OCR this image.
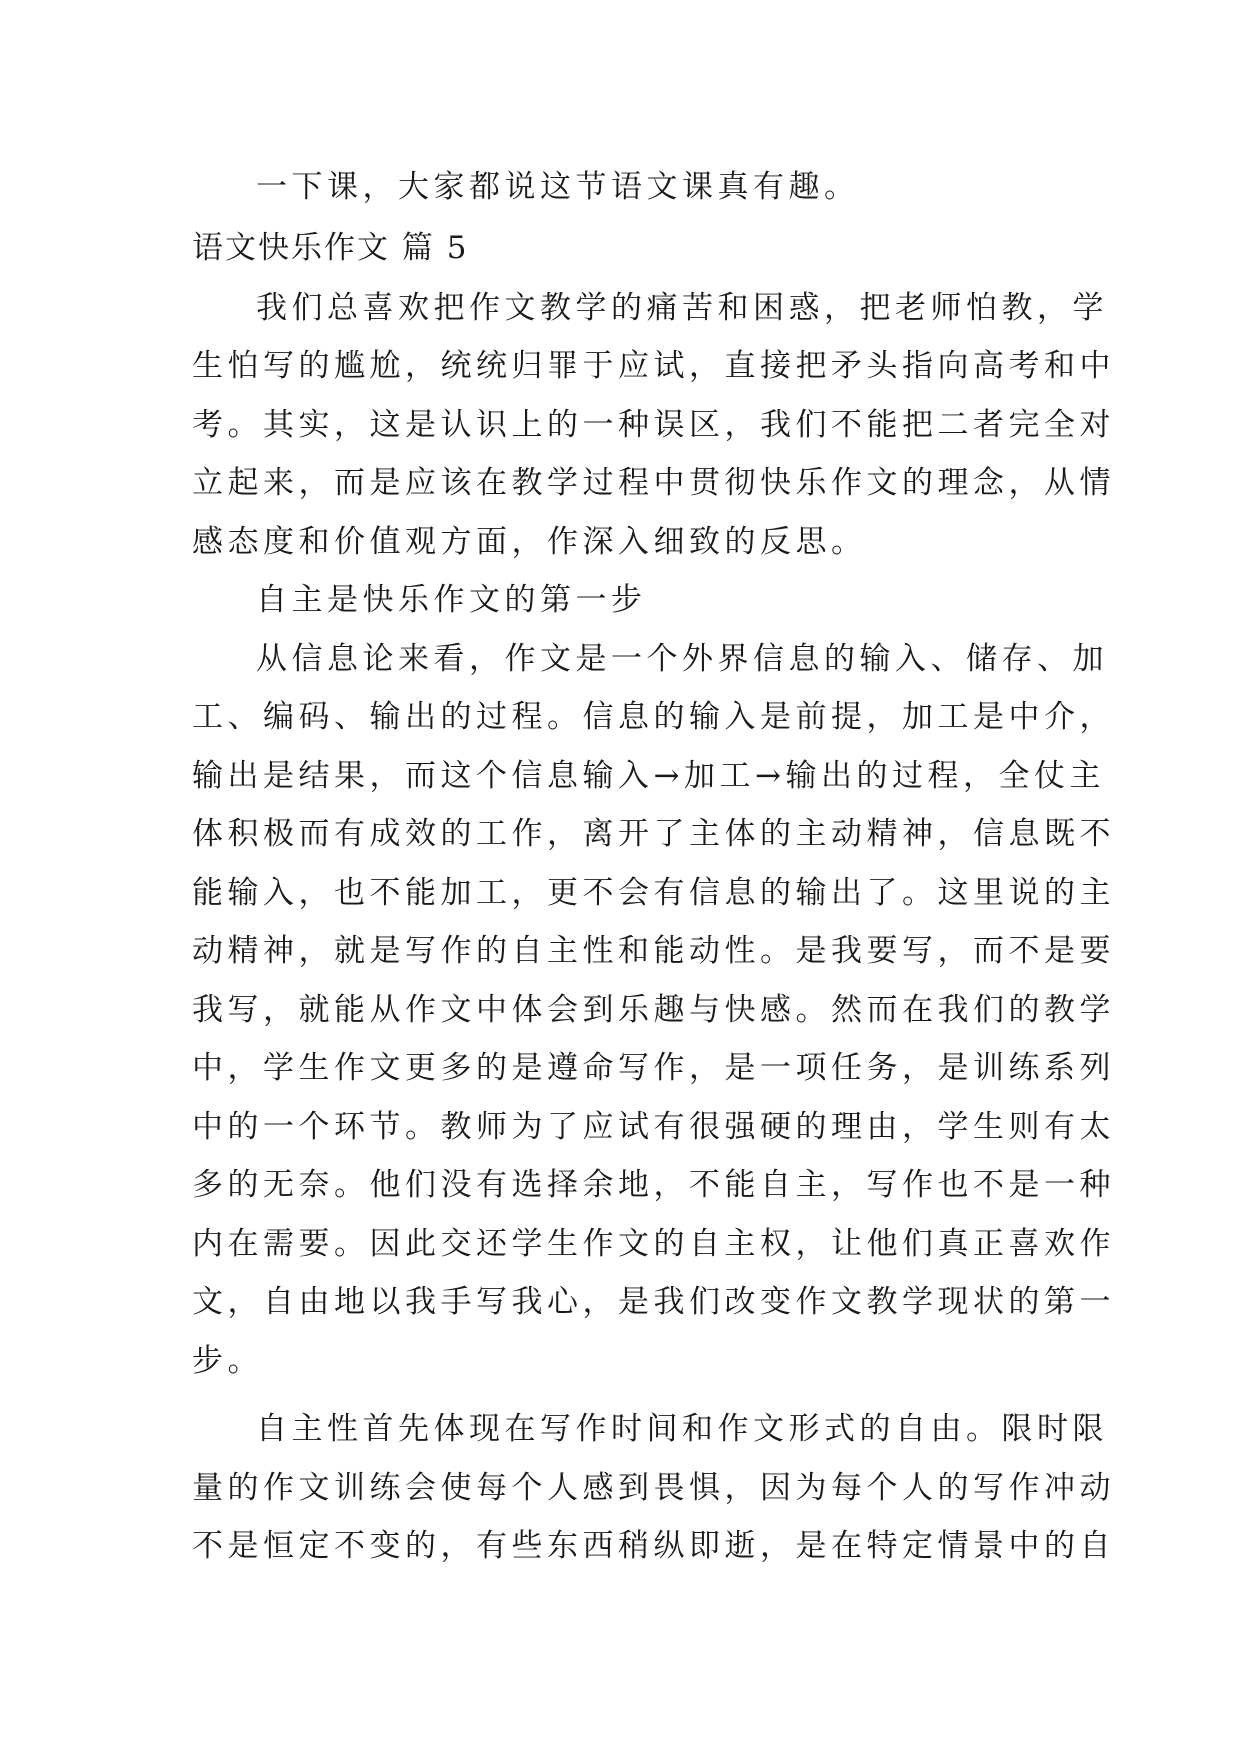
一下课，大家都说这节语文课真有趣。

语文快乐作文 篇 5

我们总喜欢把作文教学的痛苦和困惑，把老师怕教，学

生怕写的尴尬，统统归罪于应试，直接把矛头指向高考和中

考。其实，这是认识上的一种误区，我们不能把二者完全对

立起来，而是应该在教学过程中贯彻快乐作文的理念，从情

感态度和价值观方面，作深入细致的反思。

自主是快乐作文的第一步

从信息论来看，作文是一个外界信息的输入、储存、加

工、编码、输出的过程。信息的输入是前提，加工是中介，

输出是结果，而这个信息输入→加工→输出的过程，全仗主

体积极而有成效的工作，离开了主体的主动精神，信息既不

能输入，也不能加工，更不会有信息的输出了。这里说的主

动精神，就是写作的自主性和能动性。是我要写，而不是要

我写，就能从作文中体会到乐趣与快感。然而在我们的教学

中，学生作文更多的是遵命写作，是一项任务，是训练系列

中的一个环节。教师为了应试有很强硬的理由，学生则有太

多的无奈。他们没有选择余地，不能自主，写作也不是一种

内在需要。因此交还学生作文的自主权，让他们真正喜欢作

文，自由地以我手写我心，是我们改变作文教学现状的第一

步。

自主性首先体现在写作时间和作文形式的自由。限时限

量的作文训练会使每个人感到畏惧，因为每个人的写作冲动

不是恒定不变的，有些东西稍纵即逝，是在特定情景中的自
